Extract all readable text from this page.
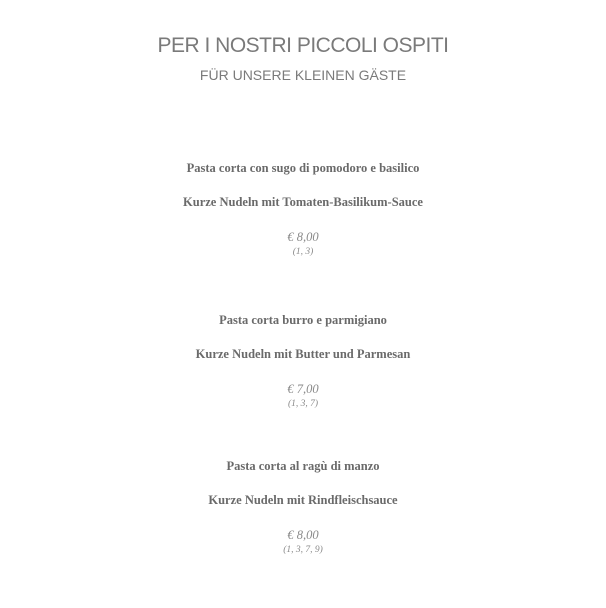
PER I NOSTRI PICCOLI OSPITI
FÜR UNSERE KLEINEN GÄSTE
Pasta corta con sugo di pomodoro e basilico
Kurze Nudeln mit Tomaten-Basilikum-Sauce
€ 8,00
(1, 3)
Pasta corta burro e parmigiano
Kurze Nudeln mit Butter und Parmesan
€ 7,00
(1, 3, 7)
Pasta corta al ragù di manzo
Kurze Nudeln mit Rindfleischsauce
€ 8,00
(1, 3, 7, 9)
